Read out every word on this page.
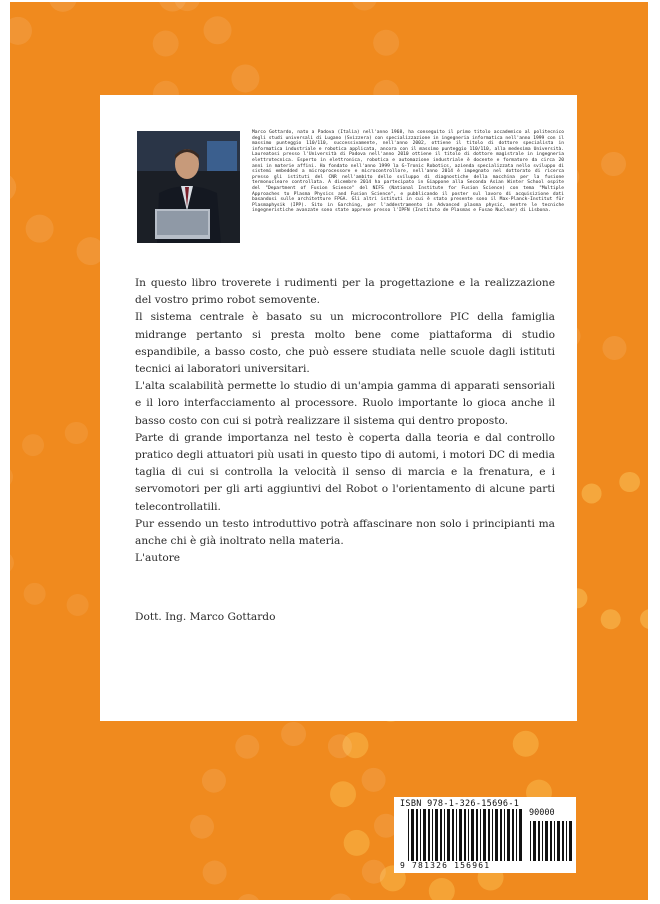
Marco Gottardo, nato a Padova (Italia) nell'anno 1968, ha conseguito il primo titolo accademico al politecnico degli studi universali di Lugano (Svizzera) con specializzazione in ingegneria informatica nell'anno 1999 con il massimo punteggio 110/110, successivamente, nell'anno 2002, ottiene il titolo di dottore specialista in informatica industriale e robotica applicata, ancora con il massimo punteggio 110/110, alla medesima Università. Laureatosi presso l'Università di Padova nell'anno 2010 ottiene il titolo di dottore magistrale in ingegneria elettrotecnica. Esperto in elettronica, robotica e automazione industriale è docente e formatore da circa 20 anni in materie affini. Ha fondato nell'anno 1999 la G-Tronic Robotics, azienda specializzata nello sviluppo di sistemi embedded a microprocessore e microcontrollore, nell'anno 2014 è impegnato nel dottorato di ricerca presso gli istituti del CNR nell'ambito dello sviluppo di diagnostiche della macchina per la fusione termonucleare controllata. A dicembre 2014 ha partecipato in Giappone alla Seconda Asian Winter School ospite del "Department of Fusion Science" del NIFS (National Institute for Fusion Science) con tema "Multiple Approaches to Plasma Physics and Fusion Science", e pubblicando il poster sul lavoro di acquisizione dati basandosi sulle architetture FPGA. Gli altri istituti in cui è stato presente sono il Max-Planck-Institut für Plasmaphysik (IPP). Sito in Garching, per l'addestramento in Advanced plasma physic, mentre le tecniche ingegneristiche avanzate sono state apprese presso l'IPFN (Instituto de Plasmas e Fusao Nuclear) di Lisbona.

In questo libro troverete i rudimenti per la progettazione e la realizzazione del vostro primo robot semovente.

Il sistema centrale è basato su un microcontrollore PIC della famiglia midrange pertanto si presta molto bene come piattaforma di studio espandibile, a basso costo, che può essere studiata nelle scuole dagli istituti tecnici ai laboratori universitari.

L'alta scalabilità permette lo studio di un'ampia gamma di apparati sensoriali e il loro interfacciamento al processore. Ruolo importante lo gioca anche il basso costo con cui si potrà realizzare il sistema qui dentro proposto.

Parte di grande importanza nel testo è coperta dalla teoria e dal controllo pratico degli attuatori più usati in questo tipo di automi, i motori DC di media taglia di cui si controlla la velocità il senso di marcia e la frenatura, e i servomotori per gli arti aggiuntivi del Robot o l'orientamento di alcune parti telecontrollatili.

Pur essendo un testo introduttivo potrà affascinare non solo i principianti ma anche chi è già inoltrato nella materia.

L'autore

Dott. Ing. Marco Gottardo
ISBN 978-1-326-15696-1
90000
9 781326 156961
